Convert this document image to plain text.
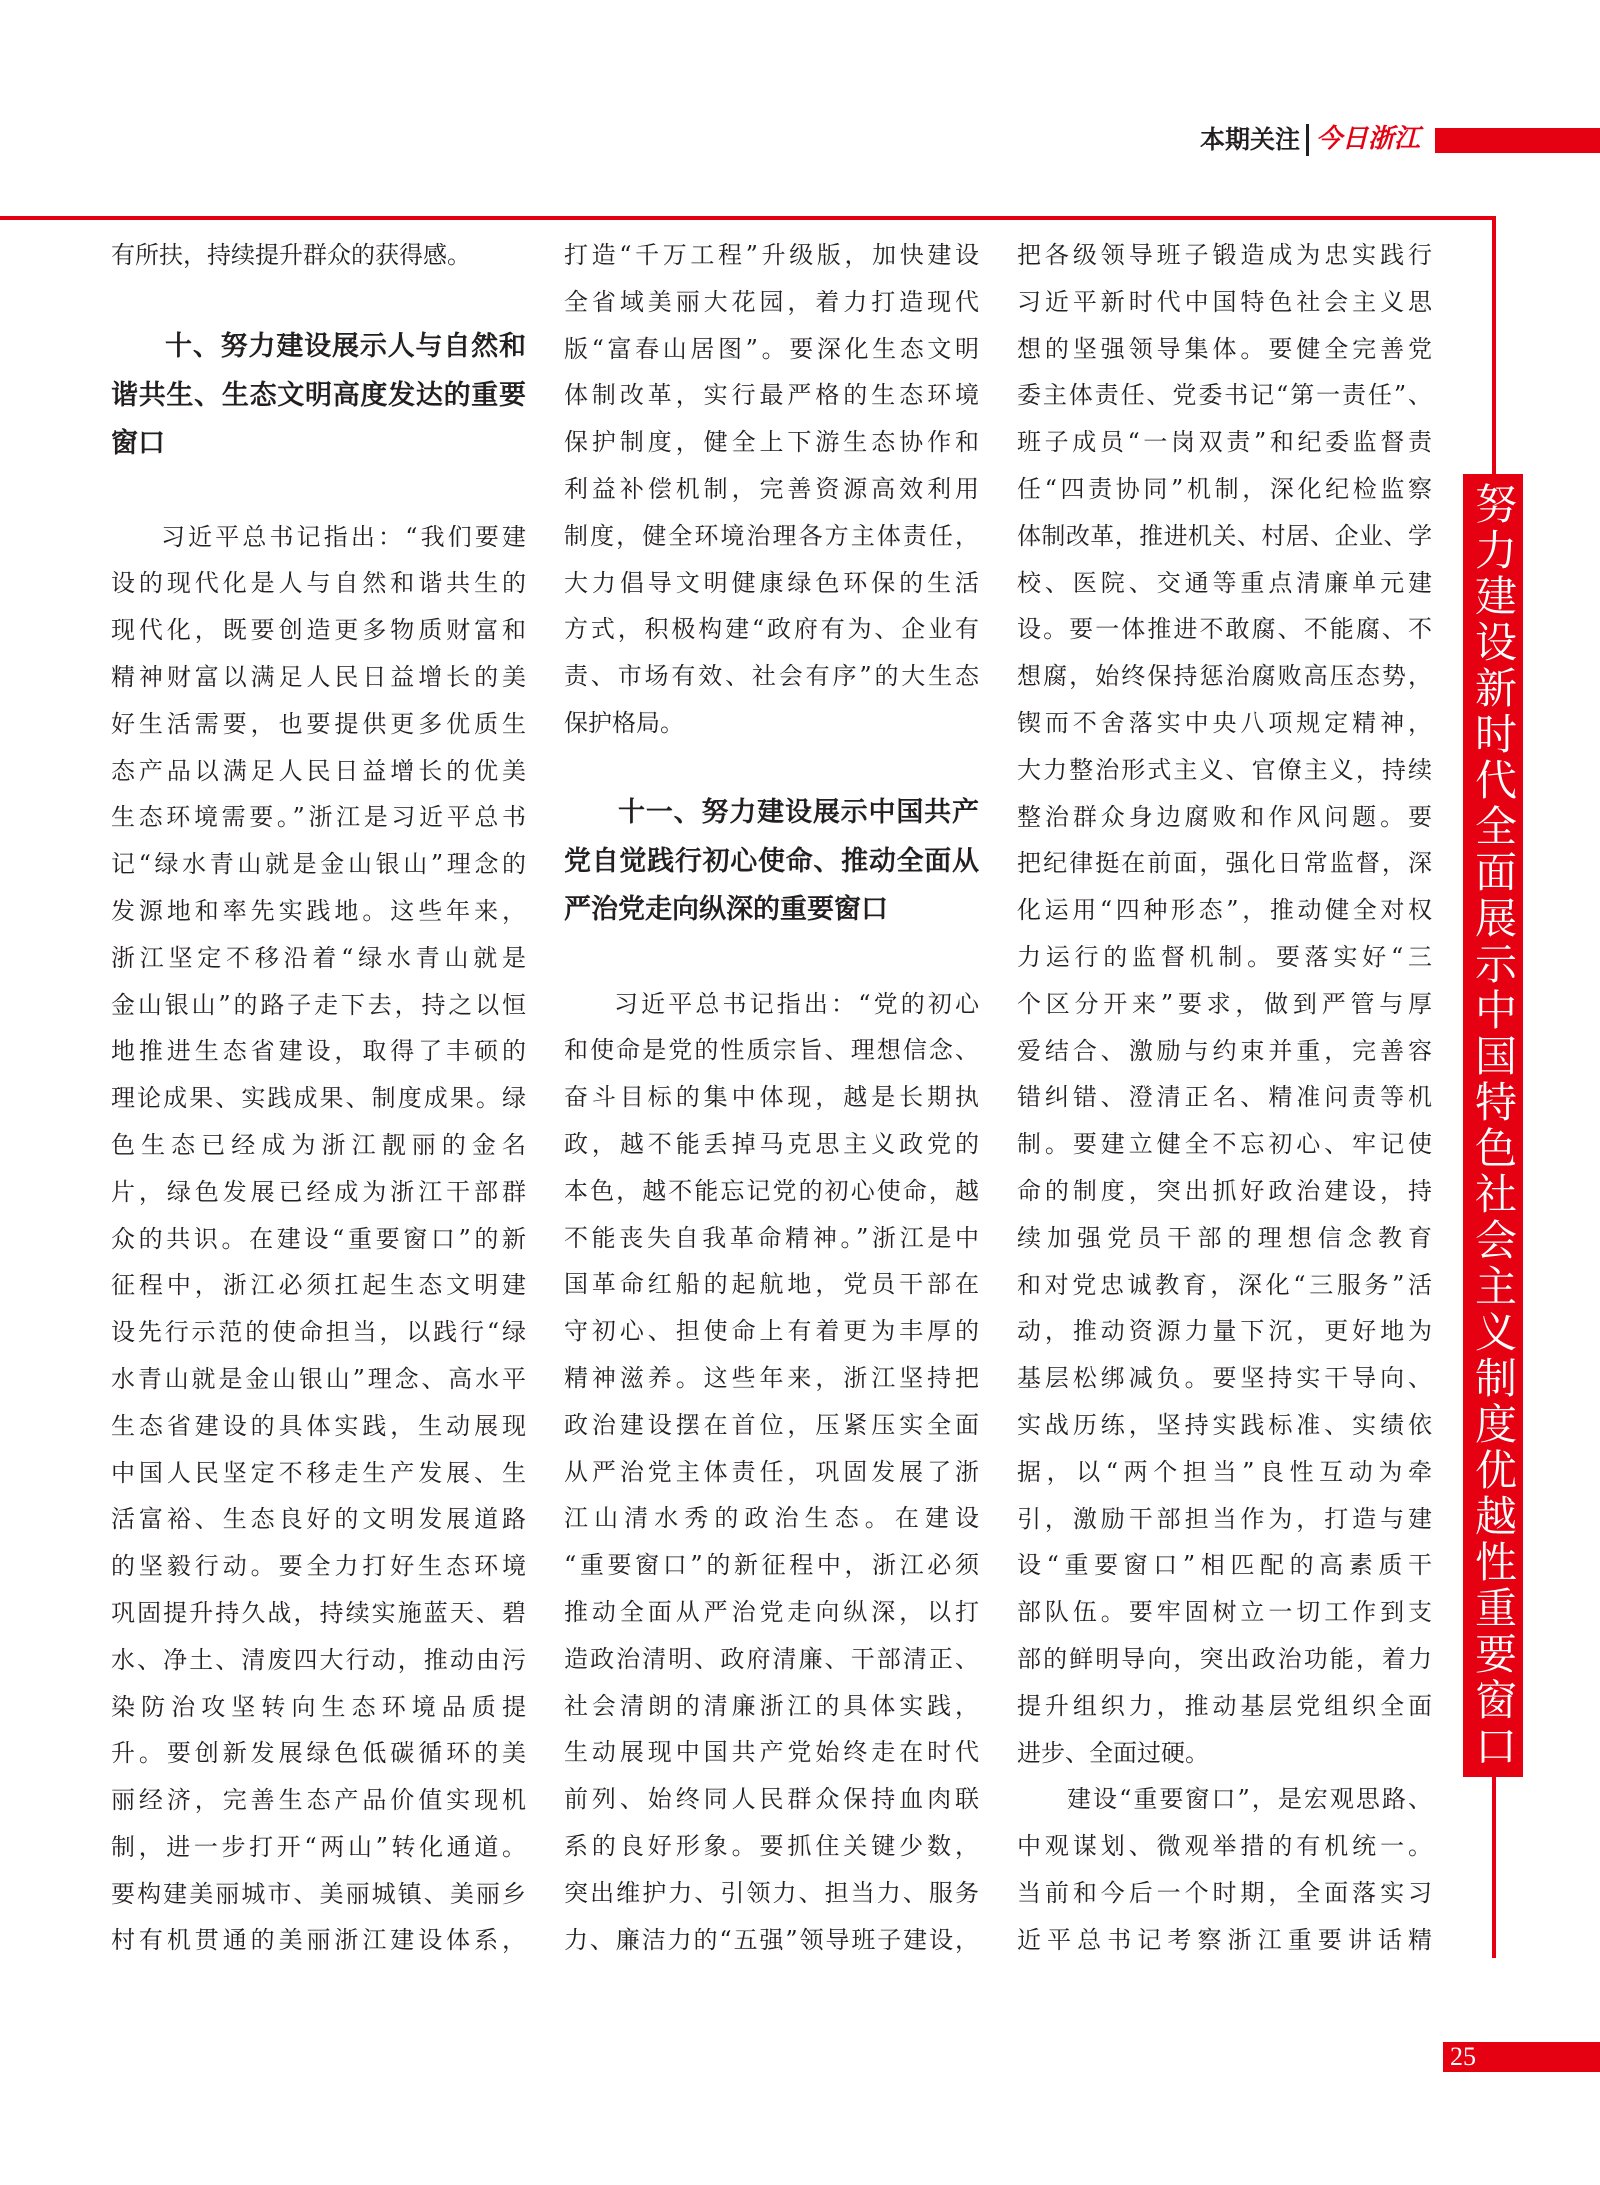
本期关注 今日浙江
有所扶，持续提升群众的获得感。
十、努力建设展示人与自然和
谐共生、生态文明高度发达的重要
窗口
习近平总书记指出：“我们要建
设的现代化是人与自然和谐共生的
现代化，既要创造更多物质财富和
精神财富以满足人民日益增长的美
好生活需要，也要提供更多优质生
态产品以满足人民日益增长的优美
生态环境需要。”浙江是习近平总书
记“绿水青山就是金山银山”理念的
发源地和率先实践地。这些年来，
浙江坚定不移沿着“绿水青山就是
金山银山”的路子走下去，持之以恒
地推进生态省建设，取得了丰硕的
理论成果、实践成果、制度成果。绿
色生态已经成为浙江靓丽的金名
片，绿色发展已经成为浙江干部群
众的共识。在建设“重要窗口”的新
征程中，浙江必须扛起生态文明建
设先行示范的使命担当，以践行“绿
水青山就是金山银山”理念、高水平
生态省建设的具体实践，生动展现
中国人民坚定不移走生产发展、生
活富裕、生态良好的文明发展道路
的坚毅行动。要全力打好生态环境
巩固提升持久战，持续实施蓝天、碧
水、净土、清废四大行动，推动由污
染防治攻坚转向生态环境品质提
升。要创新发展绿色低碳循环的美
丽经济，完善生态产品价值实现机
制，进一步打开“两山”转化通道。
要构建美丽城市、美丽城镇、美丽乡
村有机贯通的美丽浙江建设体系，
打造“千万工程”升级版，加快建设
全省域美丽大花园，着力打造现代
版“富春山居图”。要深化生态文明
体制改革，实行最严格的生态环境
保护制度，健全上下游生态协作和
利益补偿机制，完善资源高效利用
制度，健全环境治理各方主体责任，
大力倡导文明健康绿色环保的生活
方式，积极构建“政府有为、企业有
责、市场有效、社会有序”的大生态
保护格局。
十一、努力建设展示中国共产
党自觉践行初心使命、推动全面从
严治党走向纵深的重要窗口
习近平总书记指出：“党的初心
和使命是党的性质宗旨、理想信念、
奋斗目标的集中体现，越是长期执
政，越不能丢掉马克思主义政党的
本色，越不能忘记党的初心使命，越
不能丧失自我革命精神。”浙江是中
国革命红船的起航地，党员干部在
守初心、担使命上有着更为丰厚的
精神滋养。这些年来，浙江坚持把
政治建设摆在首位，压紧压实全面
从严治党主体责任，巩固发展了浙
江山清水秀的政治生态。在建设
“重要窗口”的新征程中，浙江必须
推动全面从严治党走向纵深，以打
造政治清明、政府清廉、干部清正、
社会清朗的清廉浙江的具体实践，
生动展现中国共产党始终走在时代
前列、始终同人民群众保持血肉联
系的良好形象。要抓住关键少数，
突出维护力、引领力、担当力、服务
力、廉洁力的“五强”领导班子建设，
把各级领导班子锻造成为忠实践行
习近平新时代中国特色社会主义思
想的坚强领导集体。要健全完善党
委主体责任、党委书记“第一责任”、
班子成员“一岗双责”和纪委监督责
任“四责协同”机制，深化纪检监察
体制改革，推进机关、村居、企业、学
校、医院、交通等重点清廉单元建
设。要一体推进不敢腐、不能腐、不
想腐，始终保持惩治腐败高压态势，
锲而不舍落实中央八项规定精神，
大力整治形式主义、官僚主义，持续
整治群众身边腐败和作风问题。要
把纪律挺在前面，强化日常监督，深
化运用“四种形态”，推动健全对权
力运行的监督机制。要落实好“三
个区分开来”要求，做到严管与厚
爱结合、激励与约束并重，完善容
错纠错、澄清正名、精准问责等机
制。要建立健全不忘初心、牢记使
命的制度，突出抓好政治建设，持
续加强党员干部的理想信念教育
和对党忠诚教育，深化“三服务”活
动，推动资源力量下沉，更好地为
基层松绑减负。要坚持实干导向、
实战历练，坚持实践标准、实绩依
据，以“两个担当”良性互动为牵
引，激励干部担当作为，打造与建
设“重要窗口”相匹配的高素质干
部队伍。要牢固树立一切工作到支
部的鲜明导向，突出政治功能，着力
提升组织力，推动基层党组织全面
进步、全面过硬。
建设“重要窗口”，是宏观思路、
中观谋划、微观举措的有机统一。
当前和今后一个时期，全面落实习
近平总书记考察浙江重要讲话精
努力建设新时代全面展示中国特色社会主义制度优越性重要窗口
25
